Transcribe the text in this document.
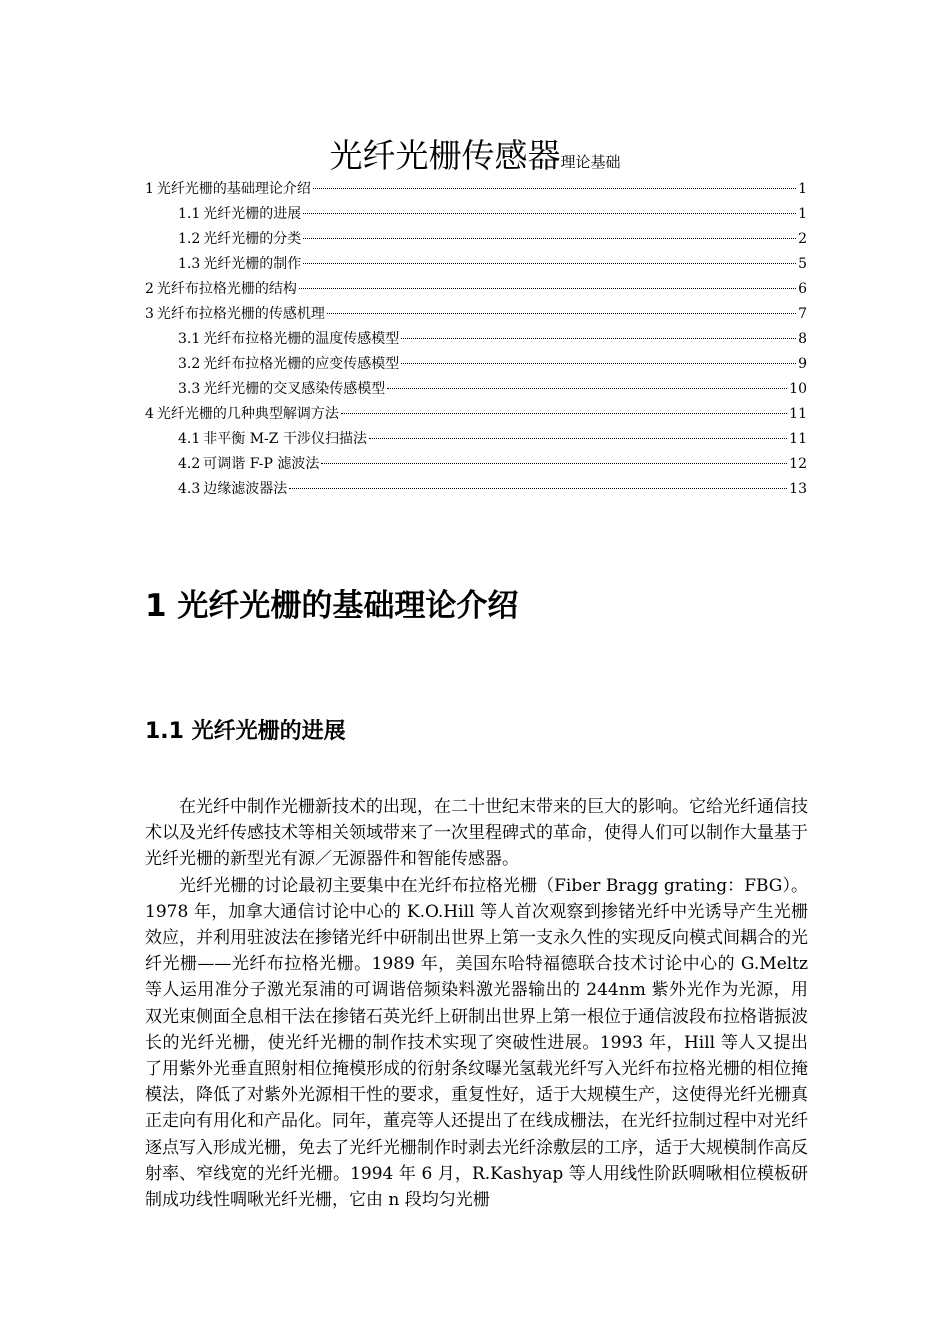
光纤光栅传感器理论基础
1 光纤光栅的基础理论介绍	1
1.1 光纤光栅的进展	1
1.2 光纤光栅的分类	2
1.3 光纤光栅的制作	5
2 光纤布拉格光栅的结构	6
3 光纤布拉格光栅的传感机理	7
3.1 光纤布拉格光栅的温度传感模型	8
3.2 光纤布拉格光栅的应变传感模型	9
3.3 光纤光栅的交叉感染传感模型	10
4 光纤光栅的几种典型解调方法	11
4.1 非平衡 M-Z 干涉仪扫描法	11
4.2 可调谐 F-P 滤波法	12
4.3 边缘滤波器法	13
1 光纤光栅的基础理论介绍
1.1 光纤光栅的进展

在光纤中制作光栅新技术的出现，在二十世纪末带来的巨大的影响。它给光纤通信技术以及光纤传感技术等相关领域带来了一次里程碑式的革命，使得人们可以制作大量基于光纤光栅的新型光有源／无源器件和智能传感器。

光纤光栅的讨论最初主要集中在光纤布拉格光栅（Fiber Bragg grating：FBG）。1978 年，加拿大通信讨论中心的 K.O.Hill 等人首次观察到掺锗光纤中光诱导产生光栅效应，并利用驻波法在掺锗光纤中研制出世界上第一支永久性的实现反向模式间耦合的光纤光栅——光纤布拉格光栅。1989 年，美国东哈特福德联合技术讨论中心的 G.Meltz 等人运用准分子激光泵浦的可调谐倍频染料激光器输出的 244nm 紫外光作为光源，用双光束侧面全息相干法在掺锗石英光纤上研制出世界上第一根位于通信波段布拉格谐振波长的光纤光栅，使光纤光栅的制作技术实现了突破性进展。1993 年，Hill 等人又提出了用紫外光垂直照射相位掩模形成的衍射条纹曝光氢载光纤写入光纤布拉格光栅的相位掩模法，降低了对紫外光源相干性的要求，重复性好，适于大规模生产，这使得光纤光栅真正走向有用化和产品化。同年，董亮等人还提出了在线成栅法，在光纤拉制过程中对光纤逐点写入形成光栅，免去了光纤光栅制作时剥去光纤涂敷层的工序，适于大规模制作高反射率、窄线宽的光纤光栅。1994 年 6 月，R.Kashyap 等人用线性阶跃啁啾相位模板研制成功线性啁啾光纤光栅，它由 n 段均匀光栅
